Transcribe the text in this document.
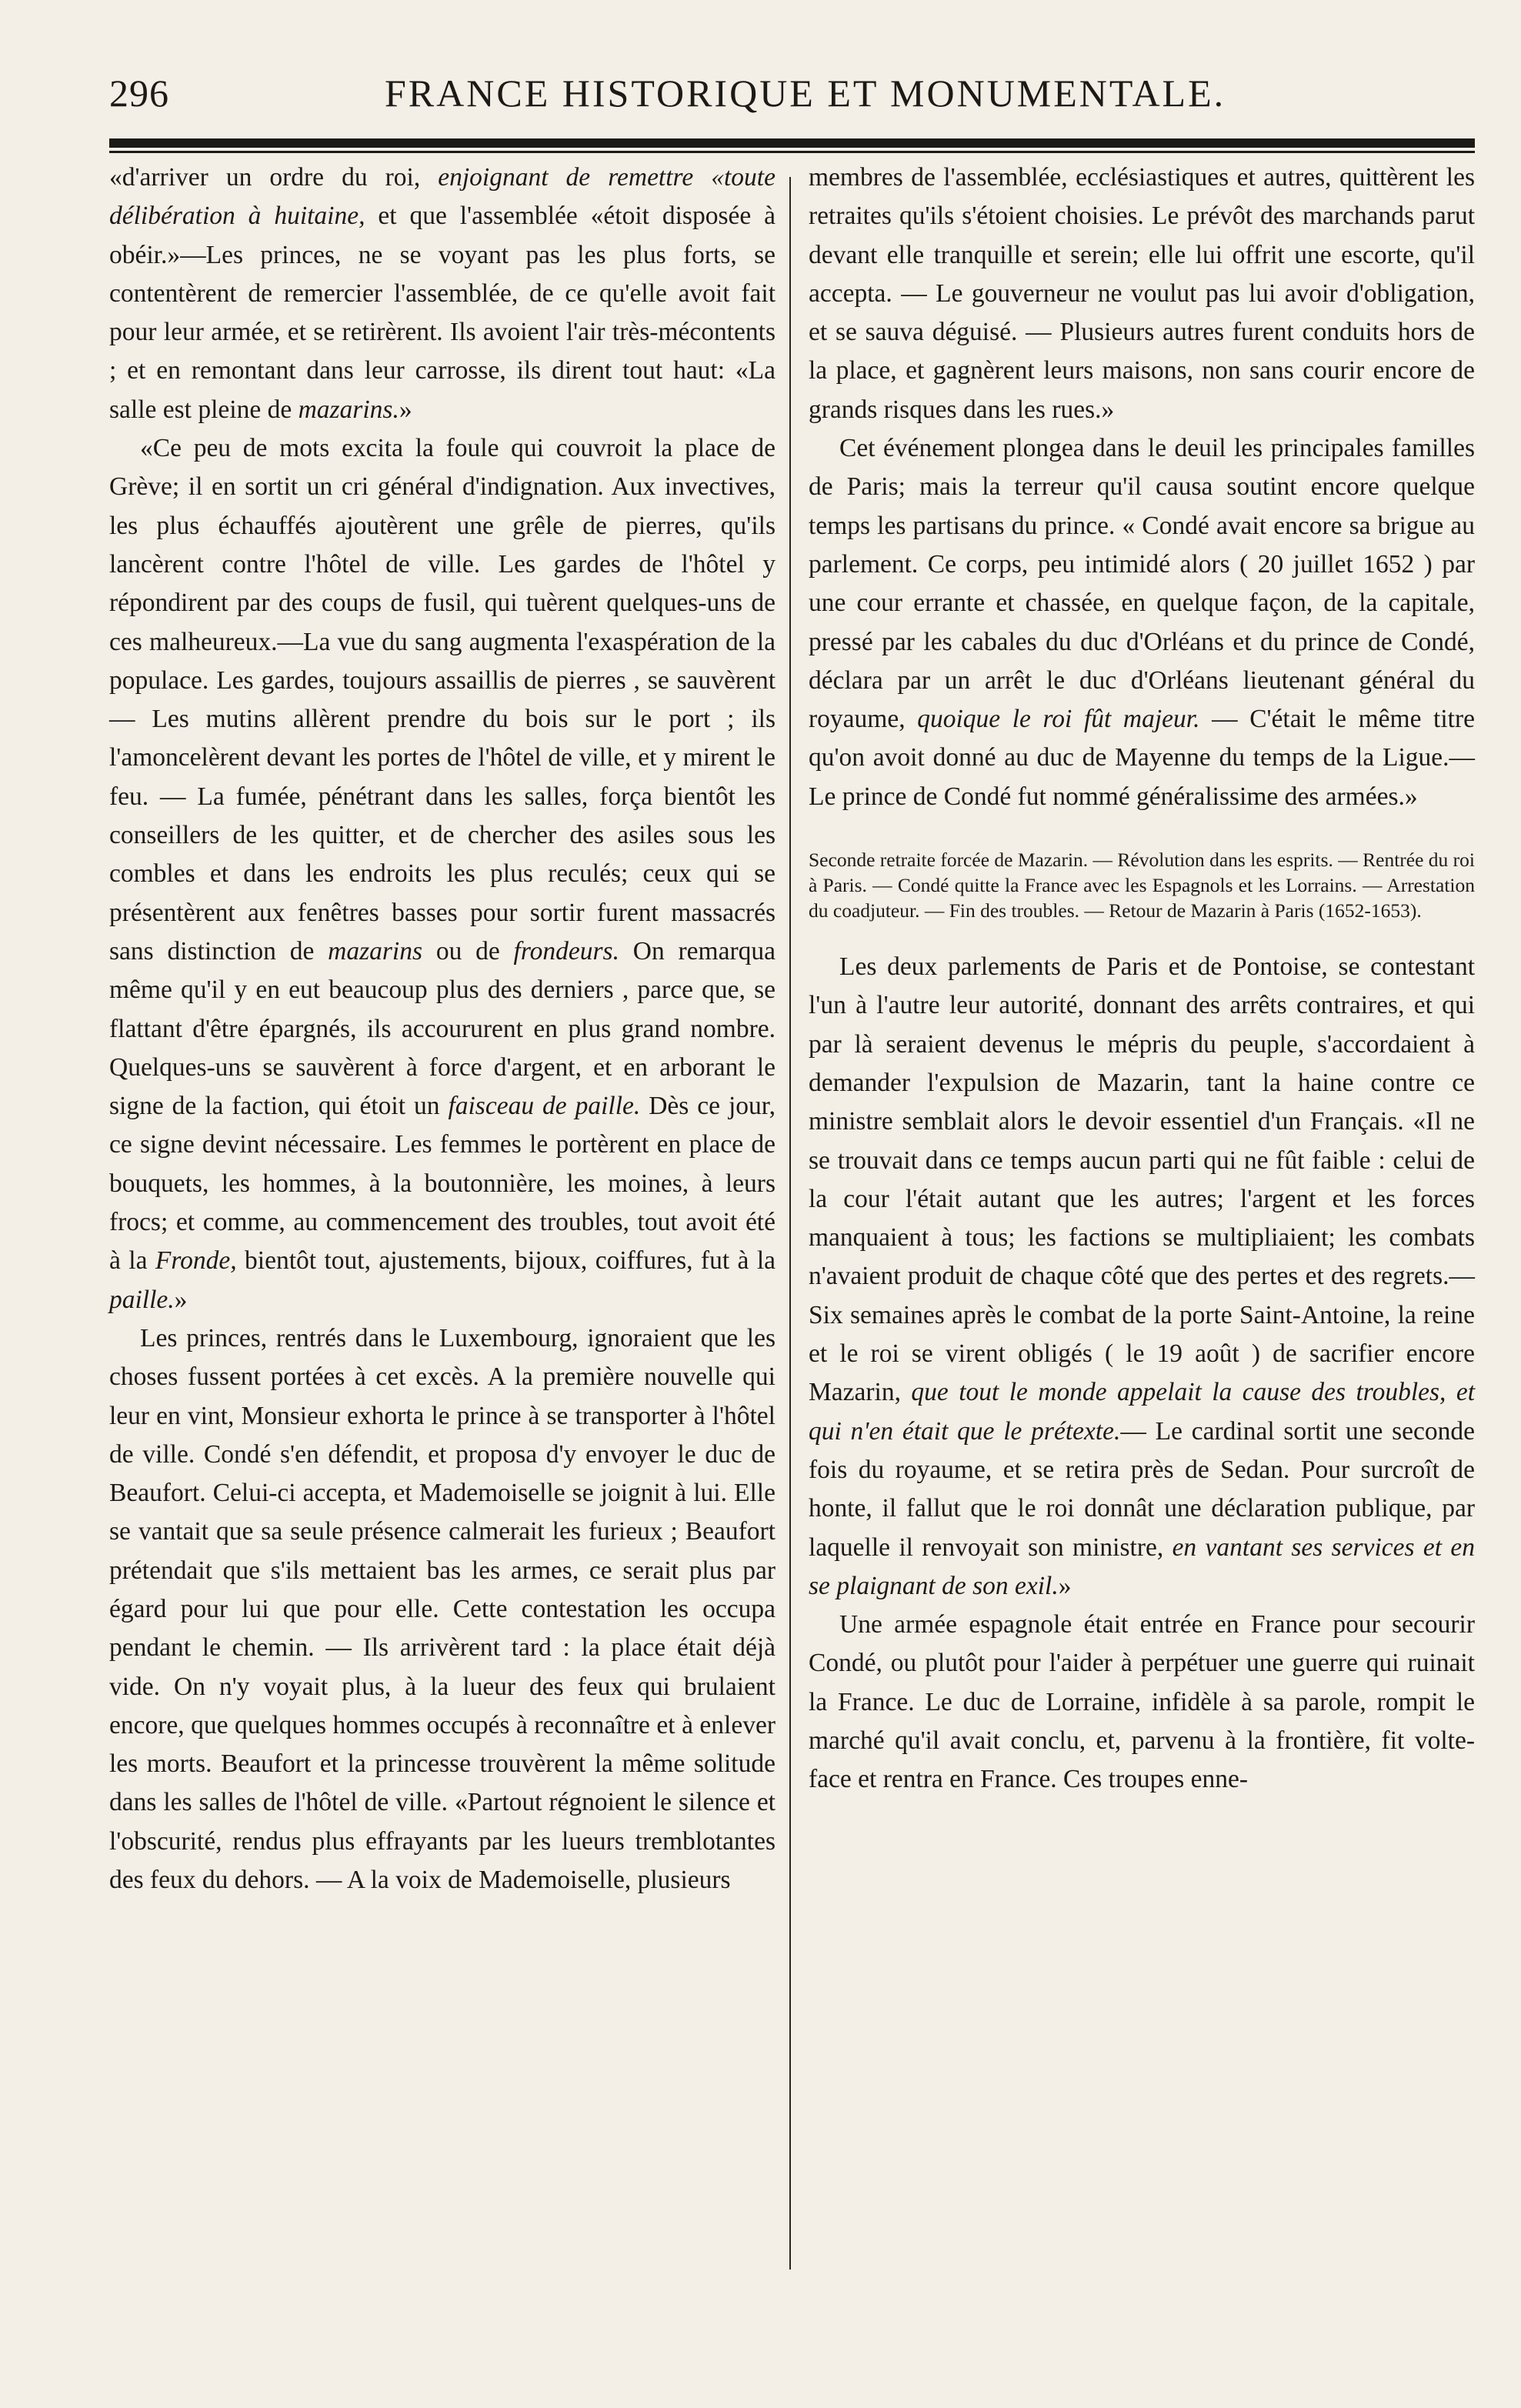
296	FRANCE HISTORIQUE ET MONUMENTALE.

«d'arriver un ordre du roi, enjoignant de remettre «toute délibération à huitaine, et que l'assemblée «étoit disposée à obéir.»—Les princes, ne se voyant pas les plus forts, se contentèrent de remercier l'assemblée, de ce qu'elle avoit fait pour leur armée, et se retirèrent. Ils avoient l'air très-mécontents ; et en remontant dans leur carrosse, ils dirent tout haut: «La salle est pleine de mazarins.»

«Ce peu de mots excita la foule qui couvroit la place de Grève; il en sortit un cri général d'indignation. Aux invectives, les plus échauffés ajoutèrent une grêle de pierres, qu'ils lancèrent contre l'hôtel de ville. Les gardes de l'hôtel y répondirent par des coups de fusil, qui tuèrent quelques-uns de ces malheureux.—La vue du sang augmenta l'exaspération de la populace. Les gardes, toujours assaillis de pierres , se sauvèrent — Les mutins allèrent prendre du bois sur le port ; ils l'amoncelèrent devant les portes de l'hôtel de ville, et y mirent le feu. — La fumée, pénétrant dans les salles, força bientôt les conseillers de les quitter, et de chercher des asiles sous les combles et dans les endroits les plus reculés; ceux qui se présentèrent aux fenêtres basses pour sortir furent massacrés sans distinction de mazarins ou de frondeurs. On remarqua même qu'il y en eut beaucoup plus des derniers , parce que, se flattant d'être épargnés, ils accoururent en plus grand nombre. Quelques-uns se sauvèrent à force d'argent, et en arborant le signe de la faction, qui étoit un faisceau de paille. Dès ce jour, ce signe devint nécessaire. Les femmes le portèrent en place de bouquets, les hommes, à la boutonnière, les moines, à leurs frocs; et comme, au commencement des troubles, tout avoit été à la Fronde, bientôt tout, ajustements, bijoux, coiffures, fut à la paille.»

Les princes, rentrés dans le Luxembourg, ignoraient que les choses fussent portées à cet excès. A la première nouvelle qui leur en vint, Monsieur exhorta le prince à se transporter à l'hôtel de ville. Condé s'en défendit, et proposa d'y envoyer le duc de Beaufort. Celui-ci accepta, et Mademoiselle se joignit à lui. Elle se vantait que sa seule présence calmerait les furieux ; Beaufort prétendait que s'ils mettaient bas les armes, ce serait plus par égard pour lui que pour elle. Cette contestation les occupa pendant le chemin. — Ils arrivèrent tard : la place était déjà vide. On n'y voyait plus, à la lueur des feux qui brulaient encore, que quelques hommes occupés à reconnaître et à enlever les morts. Beaufort et la princesse trouvèrent la même solitude dans les salles de l'hôtel de ville. «Partout régnoient le silence et l'obscurité, rendus plus effrayants par les lueurs tremblotantes des feux du dehors. — A la voix de Mademoiselle, plusieurs

membres de l'assemblée, ecclésiastiques et autres, quittèrent les retraites qu'ils s'étoient choisies. Le prévôt des marchands parut devant elle tranquille et serein; elle lui offrit une escorte, qu'il accepta. — Le gouverneur ne voulut pas lui avoir d'obligation, et se sauva déguisé. — Plusieurs autres furent conduits hors de la place, et gagnèrent leurs maisons, non sans courir encore de grands risques dans les rues.»

Cet événement plongea dans le deuil les principales familles de Paris; mais la terreur qu'il causa soutint encore quelque temps les partisans du prince. « Condé avait encore sa brigue au parlement. Ce corps, peu intimidé alors ( 20 juillet 1652 ) par une cour errante et chassée, en quelque façon, de la capitale, pressé par les cabales du duc d'Orléans et du prince de Condé, déclara par un arrêt le duc d'Orléans lieutenant général du royaume, quoique le roi fût majeur. — C'était le même titre qu'on avoit donné au duc de Mayenne du temps de la Ligue.— Le prince de Condé fut nommé généralissime des armées.»

Seconde retraite forcée de Mazarin. — Révolution dans les esprits. — Rentrée du roi à Paris. — Condé quitte la France avec les Espagnols et les Lorrains. — Arrestation du coadjuteur. — Fin des troubles. — Retour de Mazarin à Paris (1652-1653).

Les deux parlements de Paris et de Pontoise, se contestant l'un à l'autre leur autorité, donnant des arrêts contraires, et qui par là seraient devenus le mépris du peuple, s'accordaient à demander l'expulsion de Mazarin, tant la haine contre ce ministre semblait alors le devoir essentiel d'un Français. «Il ne se trouvait dans ce temps aucun parti qui ne fût faible : celui de la cour l'était autant que les autres; l'argent et les forces manquaient à tous; les factions se multipliaient; les combats n'avaient produit de chaque côté que des pertes et des regrets.— Six semaines après le combat de la porte Saint-Antoine, la reine et le roi se virent obligés ( le 19 août ) de sacrifier encore Mazarin, que tout le monde appelait la cause des troubles, et qui n'en était que le prétexte.— Le cardinal sortit une seconde fois du royaume, et se retira près de Sedan. Pour surcroît de honte, il fallut que le roi donnât une déclaration publique, par laquelle il renvoyait son ministre, en vantant ses services et en se plaignant de son exil.»

Une armée espagnole était entrée en France pour secourir Condé, ou plutôt pour l'aider à perpétuer une guerre qui ruinait la France. Le duc de Lorraine, infidèle à sa parole, rompit le marché qu'il avait conclu, et, parvenu à la frontière, fit volte-face et rentra en France. Ces troupes enne-
